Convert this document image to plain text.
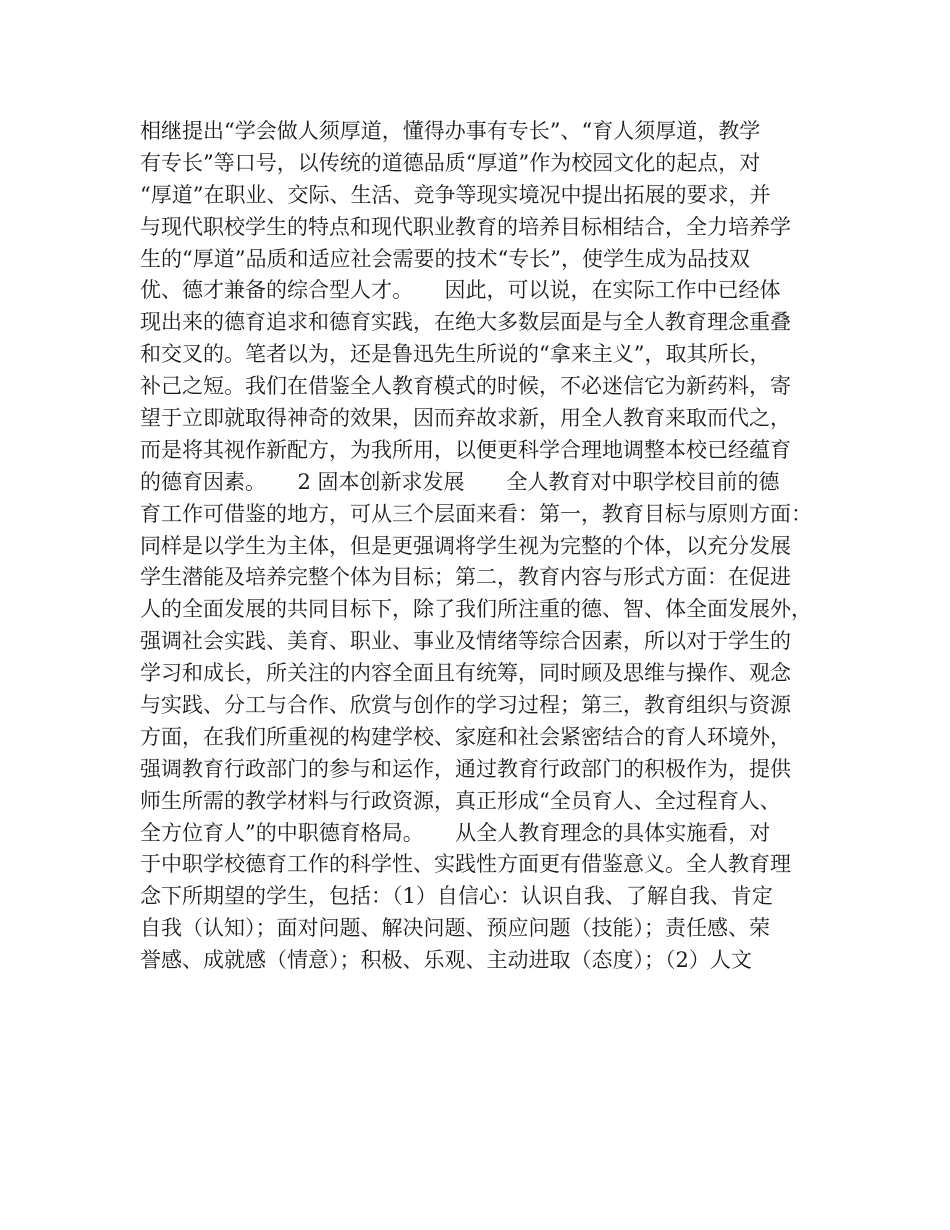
相继提出“学会做人须厚道，懂得办事有专长”、“育人须厚道，教学
有专长”等口号，以传统的道德品质“厚道”作为校园文化的起点，对
“厚道”在职业、交际、生活、竞争等现实境况中提出拓展的要求，并
与现代职校学生的特点和现代职业教育的培养目标相结合，全力培养学
生的“厚道”品质和适应社会需要的技术“专长”，使学生成为品技双
优、德才兼备的综合型人才。　　因此，可以说，在实际工作中已经体
现出来的德育追求和德育实践，在绝大多数层面是与全人教育理念重叠
和交叉的。笔者以为，还是鲁迅先生所说的“拿来主义”，取其所长，
补己之短。我们在借鉴全人教育模式的时候，不必迷信它为新药料，寄
望于立即就取得神奇的效果，因而弃故求新，用全人教育来取而代之，
而是将其视作新配方，为我所用，以便更科学合理地调整本校已经蕴育
的德育因素。　　2 固本创新求发展　　全人教育对中职学校目前的德
育工作可借鉴的地方，可从三个层面来看：第一，教育目标与原则方面：
同样是以学生为主体，但是更强调将学生视为完整的个体，以充分发展
学生潜能及培养完整个体为目标；第二，教育内容与形式方面：在促进
人的全面发展的共同目标下，除了我们所注重的德、智、体全面发展外，
强调社会实践、美育、职业、事业及情绪等综合因素，所以对于学生的
学习和成长，所关注的内容全面且有统筹，同时顾及思维与操作、观念
与实践、分工与合作、欣赏与创作的学习过程；第三，教育组织与资源
方面，在我们所重视的构建学校、家庭和社会紧密结合的育人环境外，
强调教育行政部门的参与和运作，通过教育行政部门的积极作为，提供
师生所需的教学材料与行政资源，真正形成“全员育人、全过程育人、
全方位育人”的中职德育格局。　　从全人教育理念的具体实施看，对
于中职学校德育工作的科学性、实践性方面更有借鉴意义。全人教育理
念下所期望的学生，包括：（1）自信心：认识自我、了解自我、肯定
自我（认知）；面对问题、解决问题、预应问题（技能）；责任感、荣
誉感、成就感（情意）；积极、乐观、主动进取（态度）；（2）人文
